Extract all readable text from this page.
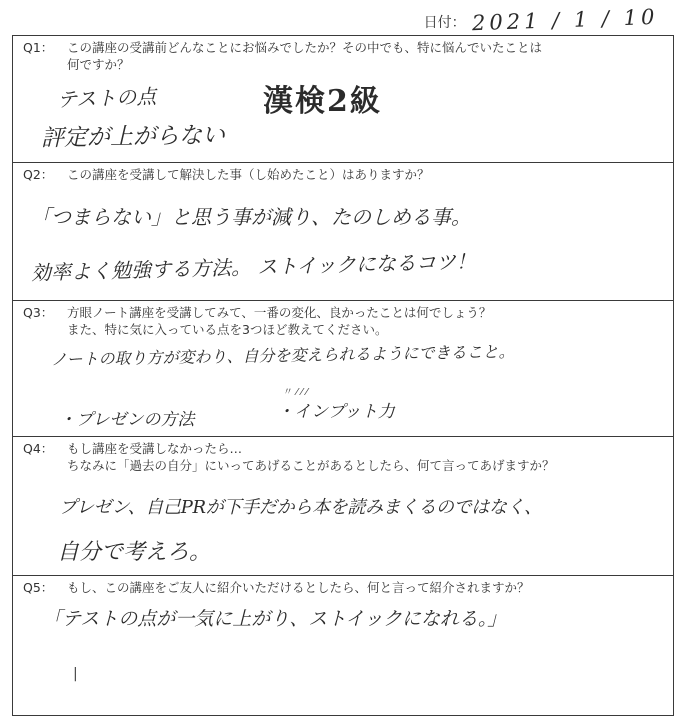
日付： 2021 / 1 / 10
Q1： この講座の受講前どんなことにお悩みでしたか？その中でも、特に悩んでいたことは
何ですか？
テストの点	漢検2級
評定が上がらない
Q2： この講座を受講して解決した事（し始めたこと）はありますか？
「つまらない」と思う事が減り、たのしめる事。
効率よく勉強する方法。 ストイックになるコツ！
Q3： 方眼ノート講座を受講してみて、一番の変化、良かったことは何でしょう？
また、特に気に入っている点を3つほど教えてください。
ノートの取り方が変わり、自分を変えられるようにできること。
〃 ⁄ ⁄ ⁄
・プレゼンの方法	・インプット力
Q4： もし講座を受講しなかったら…
ちなみに「過去の自分」にいってあげることがあるとしたら、何て言ってあげますか？
プレゼン、自己PRが下手だから本を読みまくるのではなく、
自分で考えろ。
Q5： もし、この講座をご友人に紹介いただけるとしたら、何と言って紹介されますか？
「テストの点が一気に上がり、ストイックになれる。」
|
